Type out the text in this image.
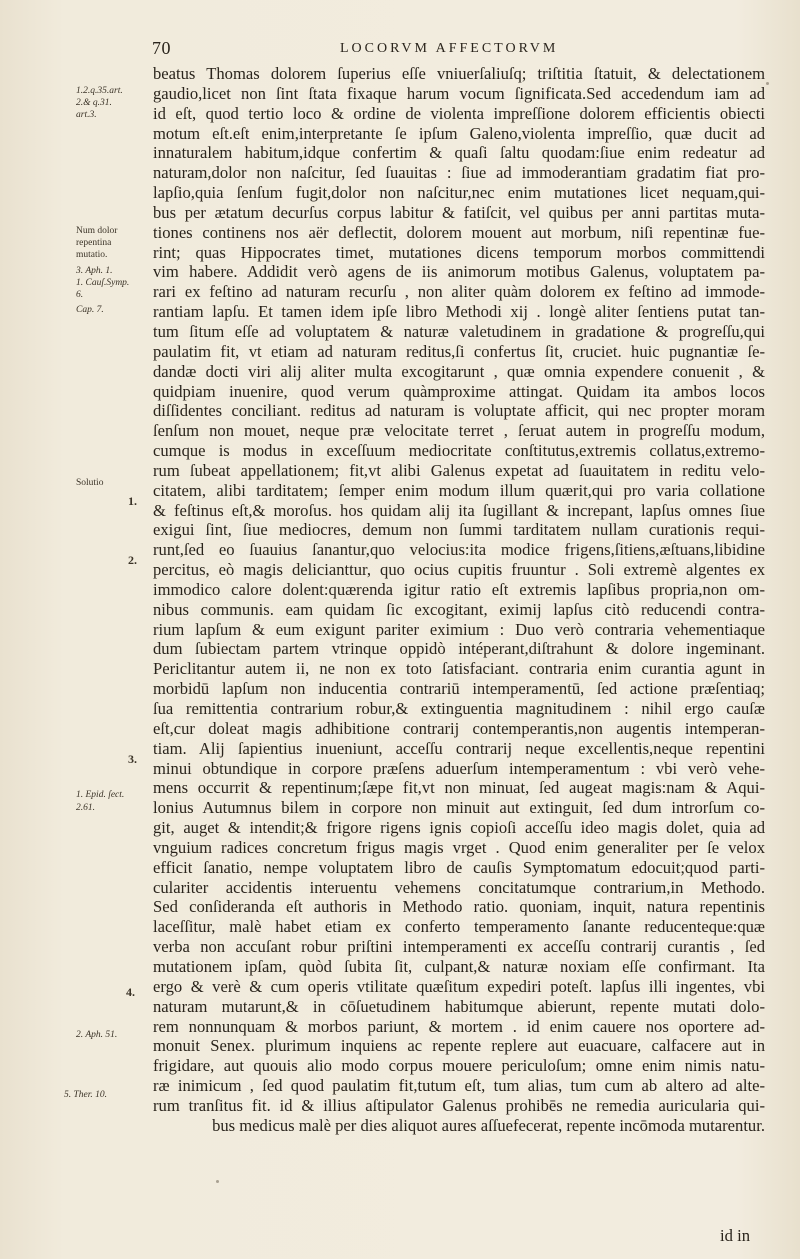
70	LOCORVM AFFECTORVM
1.2.q.35.art.
2.& q.31.
art.3.
Num dolor
repentina
mutatio.
3. Aph. 1.
1. Cauſ.Symp.
6.
Cap. 7.
Solutio
1. Epid. ſect.
2.61.
2. Aph. 51.
5. Ther. 10.
1.
2.
3.
4.
beatus Thomas dolorem ſuperius eſſe vniuerſaliuſq; triſtitia ſtatuit, & delectationem
gaudio,licet non ſint ſtata fixaque harum vocum ſignificata.Sed accedendum iam ad
id eſt, quod tertio loco & ordine de violenta impreſſione dolorem efficientis obiecti
motum eſt.eſt enim,interpretante ſe ipſum Galeno,violenta impreſſio, quæ ducit ad
innaturalem habitum,idque confertim & quaſi ſaltu quodam:ſiue enim redeatur ad
naturam,dolor non naſcitur, ſed ſuauitas : ſiue ad immoderantiam gradatim fiat pro-
lapſio,quia ſenſum fugit,dolor non naſcitur,nec enim mutationes licet nequam,qui-
bus per ætatum decurſus corpus labitur & fatiſcit, vel quibus per anni partitas muta-
tiones continens nos aër deflectit, dolorem mouent aut morbum, niſi repentinæ fue-
rint; quas Hippocrates timet, mutationes dicens temporum morbos committendi
vim habere. Addidit verò agens de iis animorum motibus Galenus, voluptatem pa-
rari ex feſtino ad naturam recurſu , non aliter quàm dolorem ex feſtino ad immode-
rantiam lapſu. Et tamen idem ipſe libro Methodi xij . longè aliter ſentiens putat tan-
tum ſitum eſſe ad voluptatem & naturæ valetudinem in gradatione & progreſſu,qui
paulatim fit, vt etiam ad naturam reditus,ſi confertus ſit, cruciet. huic pugnantiæ ſe-
dandæ docti viri alij aliter multa excogitarunt , quæ omnia expendere conuenit , &
quidpiam inuenire, quod verum quàmproxime attingat. Quidam ita ambos locos
diſſidentes conciliant. reditus ad naturam is voluptate afficit, qui nec propter moram
ſenſum non mouet, neque præ velocitate terret , ſeruat autem in progreſſu modum,
cumque is modus in exceſſuum mediocritate conſtitutus,extremis collatus,extremo-
rum ſubeat appellationem; fit,vt alibi Galenus expetat ad ſuauitatem in reditu velo-
citatem, alibi tarditatem; ſemper enim modum illum quærit,qui pro varia collatione
& feſtinus eſt,& moroſus. hos quidam alij ita ſugillant & increpant, lapſus omnes ſiue
exigui ſint, ſiue mediocres, demum non ſummi tarditatem nullam curationis requi-
runt,ſed eo ſuauius ſanantur,quo velocius:ita modice frigens,ſitiens,æſtuans,libidine
percitus, eò magis delicianttur, quo ocius cupitis fruuntur . Soli extremè algentes ex
immodico calore dolent:quærenda igitur ratio eſt extremis lapſibus propria,non om-
nibus communis. eam quidam ſic excogitant, eximij lapſus citò reducendi contra-
rium lapſum & eum exigunt pariter eximium : Duo verò contraria vehementiaque
dum ſubiectam partem vtrinque oppidò intéperant,diſtrahunt & dolore ingeminant.
Periclitantur autem ii, ne non ex toto ſatisfaciant. contraria enim curantia agunt in
morbidū lapſum non inducentia contrariū intemperamentū, ſed actione præſentiaq;
ſua remittentia contrarium robur,& extinguentia magnitudinem : nihil ergo cauſæ
eſt,cur doleat magis adhibitione contrarij contemperantis,non augentis intemperan-
tiam. Alij ſapientius inueniunt, acceſſu contrarij neque excellentis,neque repentini
minui obtundique in corpore præſens aduerſum intemperamentum : vbi verò vehe-
mens occurrit & repentinum;ſæpe fit,vt non minuat, ſed augeat magis:nam & Aqui-
lonius Autumnus bilem in corpore non minuit aut extinguit, ſed dum introrſum co-
git, auget & intendit;& frigore rigens ignis copioſi acceſſu ideo magis dolet, quia ad
vnguium radices concretum frigus magis vrget . Quod enim generaliter per ſe velox
efficit ſanatio, nempe voluptatem libro de cauſis Symptomatum edocuit;quod parti-
culariter accidentis interuentu vehemens concitatumque contrarium,in Methodo.
Sed conſideranda eſt authoris in Methodo ratio. quoniam, inquit, natura repentinis
laceſſitur, malè habet etiam ex conferto temperamento ſanante reducenteque:quæ
verba non accuſant robur priſtini intemperamenti ex acceſſu contrarij curantis , ſed
mutationem ipſam, quòd ſubita ſit, culpant,& naturæ noxiam eſſe confirmant. Ita
ergo & verè & cum operis vtilitate quæſitum expediri poteſt. lapſus illi ingentes, vbi
naturam mutarunt,& in cōſuetudinem habitumque abierunt, repente mutati dolo-
rem nonnunquam & morbos pariunt, & mortem . id enim cauere nos oportere ad-
monuit Senex. plurimum inquiens ac repente replere aut euacuare, calfacere aut in
frigidare, aut quouis alio modo corpus mouere periculoſum; omne enim nimis natu-
ræ inimicum , ſed quod paulatim fit,tutum eſt, tum alias, tum cum ab altero ad alte-
rum tranſitus fit. id & illius aſtipulator Galenus prohibēs ne remedia auricularia qui-
bus medicus malè per dies aliquot aures aſſuefecerat, repente incōmoda mutarentur.
id in
